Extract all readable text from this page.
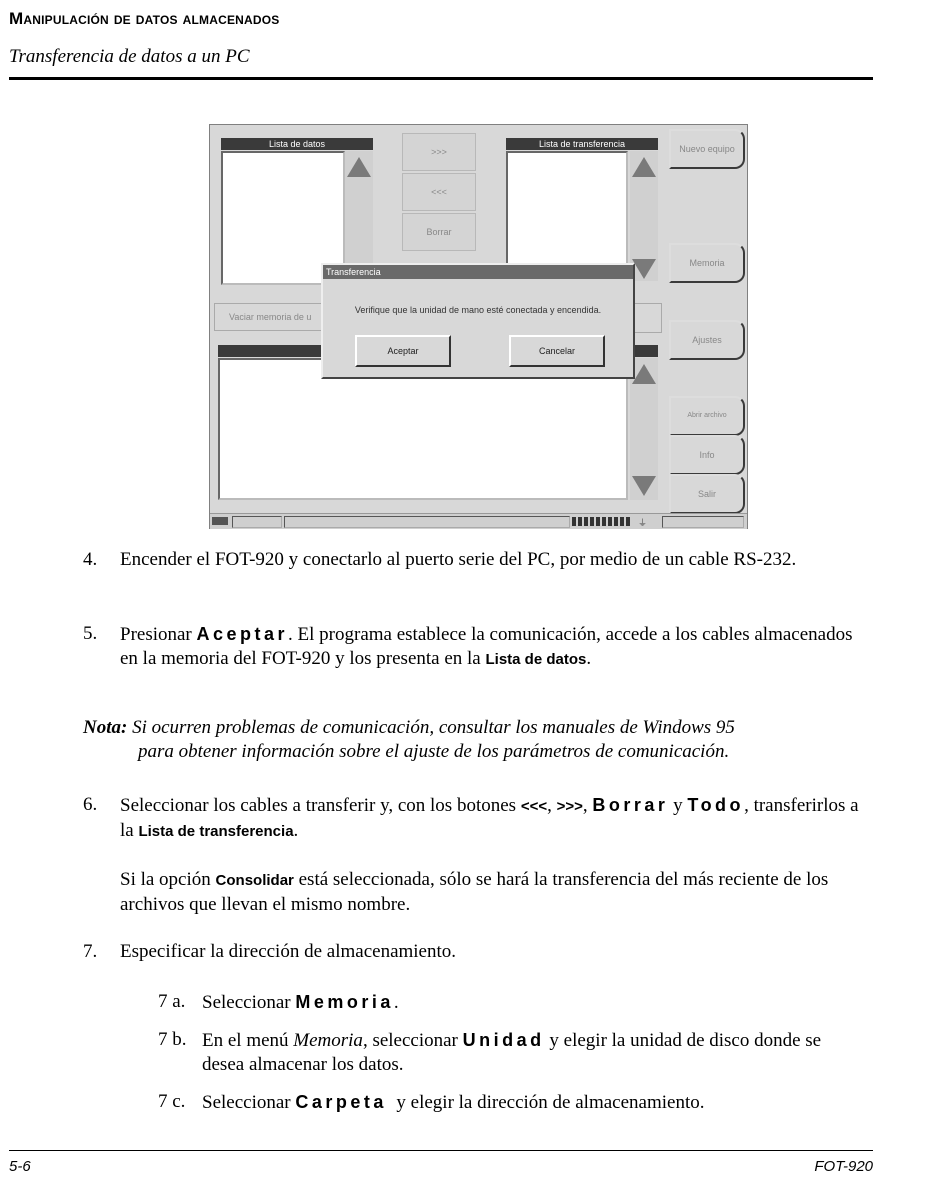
Manipulación de datos almacenados
Transferencia de datos a un PC
Lista de datos
>>>
<<<
Borrar
Lista de transferencia
Vaciar memoria de u
Nuevo equipo
Memoria
Ajustes
Abrir archivo
Info
Salir
⏚
Transferencia
Verifique que la unidad de mano esté conectada y encendida.
Aceptar	Cancelar
4. Encender el FOT-920 y conectarlo al puerto serie del PC, por medio de un cable RS-232.
5. Presionar Aceptar. El programa establece la comunicación, accede a los cables almacenados en la memoria del FOT-920 y los presenta en la Lista de datos.
Nota: Si ocurren problemas de comunicación, consultar los manuales de Windows 95
para obtener información sobre el ajuste de los parámetros de comunicación.
6. Seleccionar los cables a transferir y, con los botones <<<, >>>, Borrar y Todo, transferirlos a la Lista de transferencia.
Si la opción Consolidar está seleccionada, sólo se hará la transferencia del más reciente de los archivos que llevan el mismo nombre.
7. Especificar la dirección de almacenamiento.
7 a. Seleccionar Memoria.
7 b. En el menú Memoria, seleccionar Unidad y elegir la unidad de disco donde se desea almacenar los datos.
7 c. Seleccionar Carpeta  y elegir la dirección de almacenamiento.
5-6	FOT-920
